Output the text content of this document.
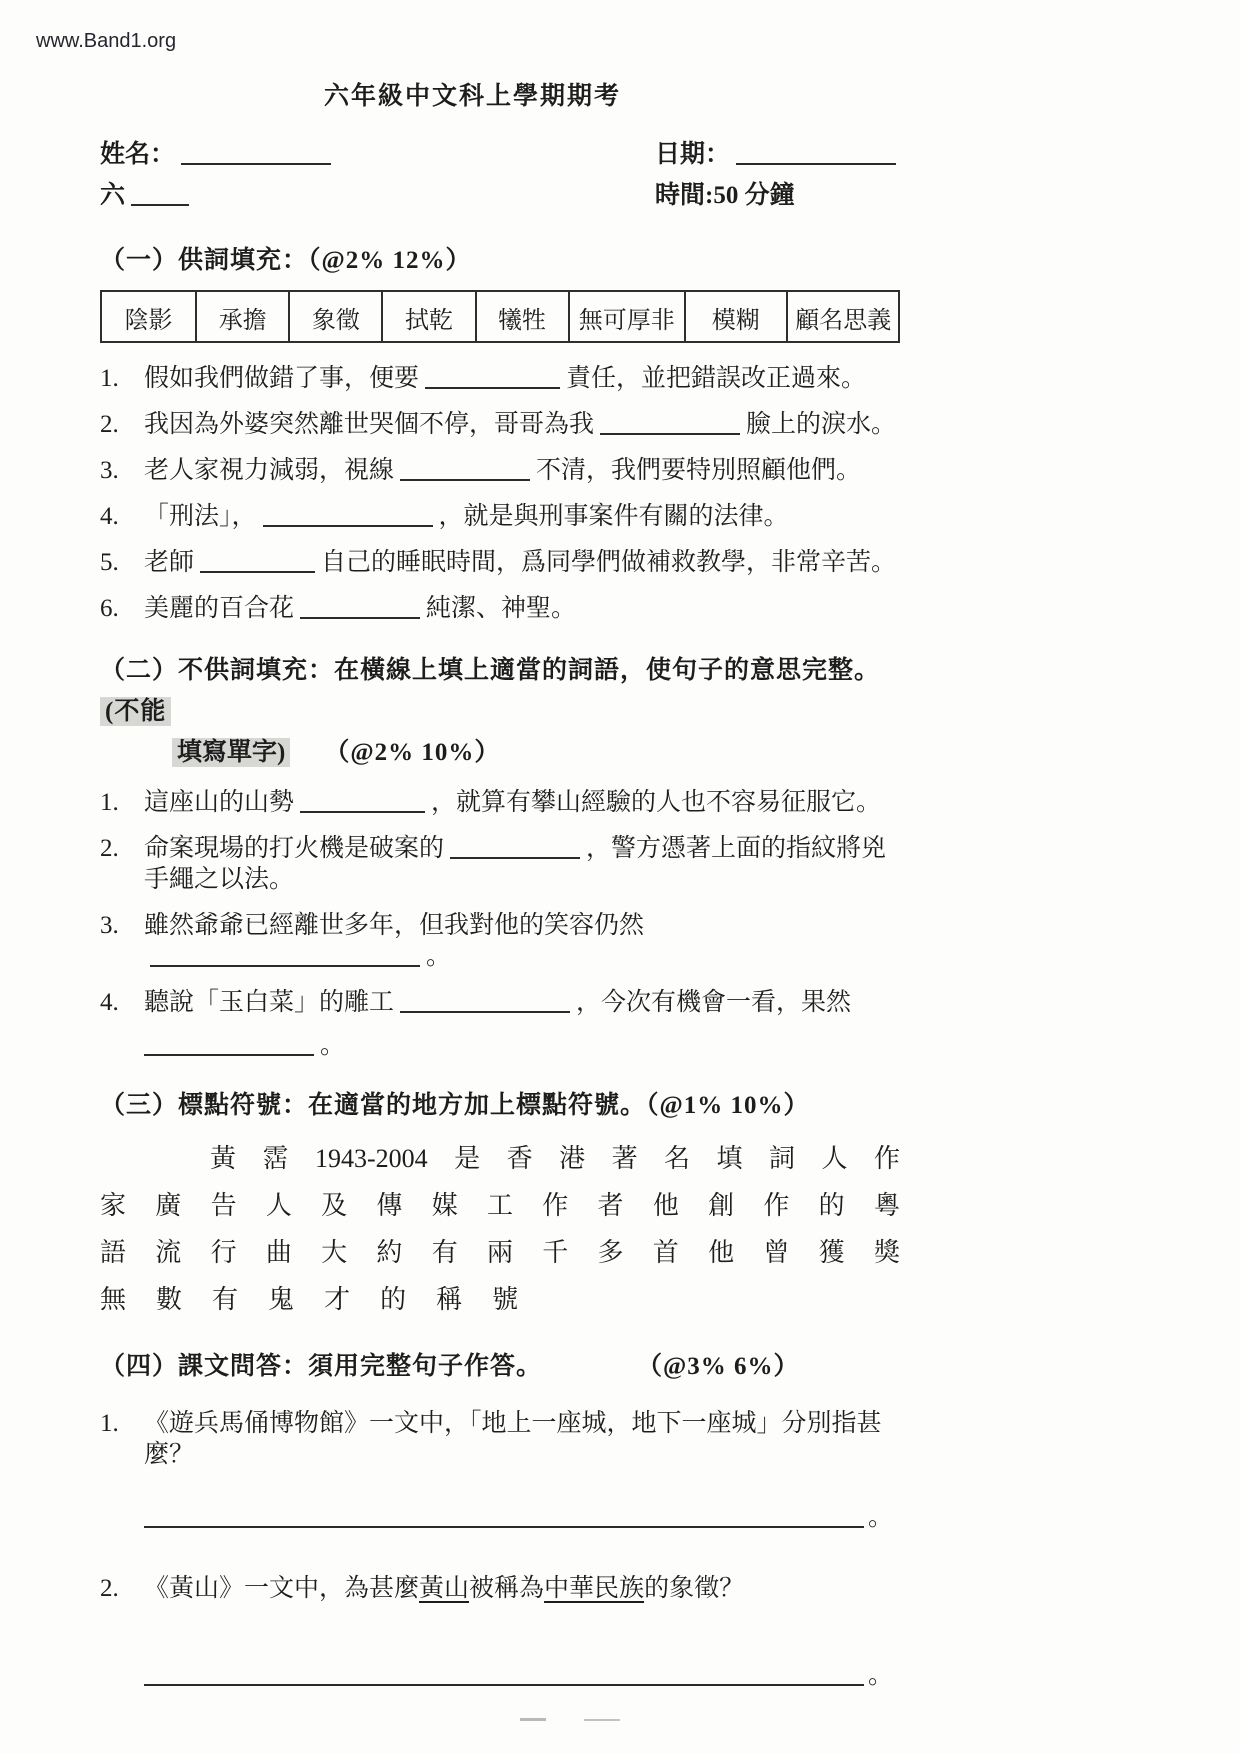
www.Band1.org
六年級中文科上學期期考
姓名：
六
日期：
時間:50 分鐘
（一）供詞填充：（@2% 12%）
陰影	承擔	象徵	拭乾	犧牲	無可厚非	模糊	顧名思義
1.	假如我們做錯了事，便要	責任，並把錯誤改正過來。
2.	我因為外婆突然離世哭個不停，哥哥為我	臉上的淚水。
3.	老人家視力減弱，視線	不清，我們要特別照顧他們。
4.	「刑法」，	，就是與刑事案件有關的法律。
5.	老師	自己的睡眠時間，爲同學們做補救教學，非常辛苦。
6.	美麗的百合花	純潔、神聖。
（二）不供詞填充：在橫線上填上適當的詞語，使句子的意思完整。(不能
填寫單字) （@2% 10%）
1.	這座山的山勢	，就算有攀山經驗的人也不容易征服它。
2.	命案現場的打火機是破案的	，警方憑著上面的指紋將兇手繩之以法。
3.	雖然爺爺已經離世多年，但我對他的笑容仍然。
4.	聽說「玉白菜」的雕工	，今次有機會一看，果然
。
（三）標點符號：在適當的地方加上標點符號。（@1% 10%）
黃 霑 1943-2004 是 香 港 著 名 填 詞 人 作
家 廣 告 人 及 傳 媒 工 作 者 他 創 作 的 粵
語 流 行 曲 大 約 有 兩 千 多 首 他 曾 獲 獎
無 數 有 鬼 才 的 稱 號
（四）課文問答：須用完整句子作答。	（@3% 6%）
1.	《遊兵馬俑博物館》一文中，「地上一座城，地下一座城」分別指甚麼？
。
2.	《黃山》一文中，為甚麼黃山被稱為中華民族的象徵？
。
